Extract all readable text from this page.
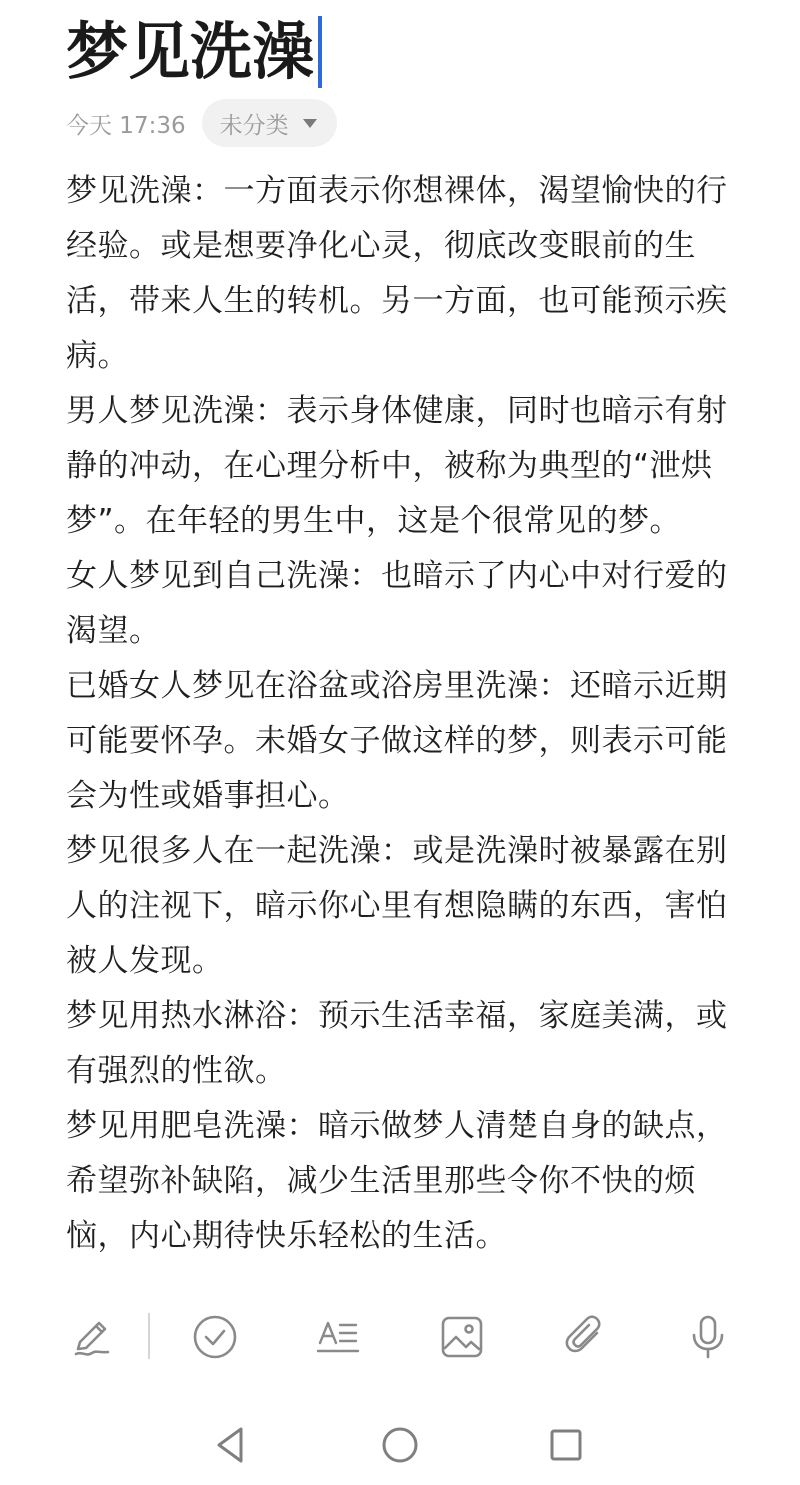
梦见洗澡
今天 17:36 未分类

梦见洗澡：一方面表示你想裸体，渴望愉快的行经验。或是想要净化心灵，彻底改变眼前的生活，带来人生的转机。另一方面，也可能预示疾病。

男人梦见洗澡：表示身体健康，同时也暗示有射静的冲动，在心理分析中，被称为典型的“泄烘梦”。在年轻的男生中，这是个很常见的梦。

女人梦见到自己洗澡：也暗示了内心中对行爱的渴望。

已婚女人梦见在浴盆或浴房里洗澡：还暗示近期可能要怀孕。未婚女子做这样的梦，则表示可能会为性或婚事担心。

梦见很多人在一起洗澡：或是洗澡时被暴露在别人的注视下，暗示你心里有想隐瞒的东西，害怕被人发现。

梦见用热水淋浴：预示生活幸福，家庭美满，或有强烈的性欲。

梦见用肥皂洗澡：暗示做梦人清楚自身的缺点，希望弥补缺陷，减少生活里那些令你不快的烦恼，内心期待快乐轻松的生活。
